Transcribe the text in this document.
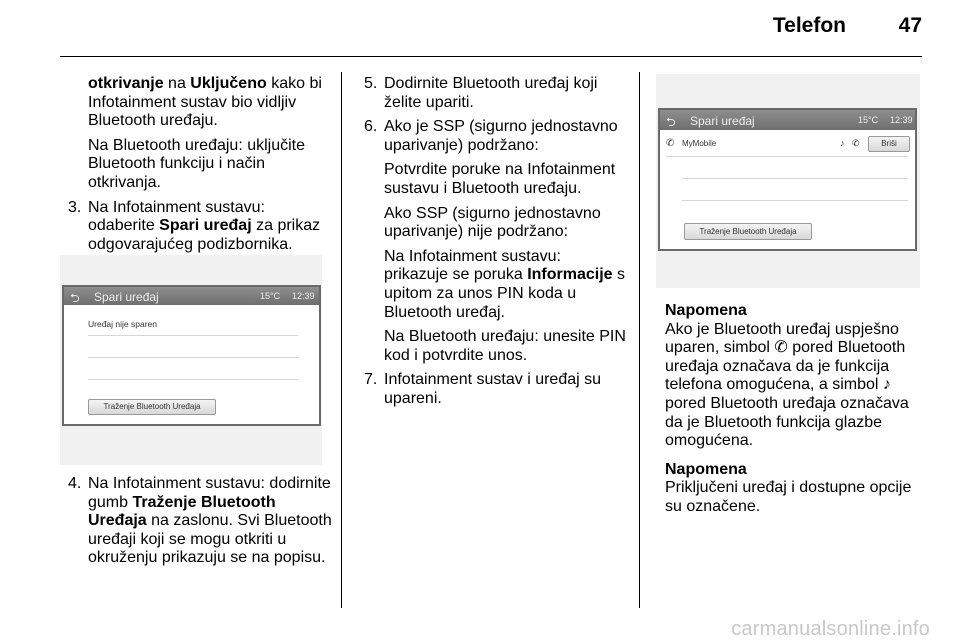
Telefon	47

otkrivanje na Uključeno kako bi Infotainment sustav bio vidljiv Bluetooth uređaju.

Na Bluetooth uređaju: uključite Bluetooth funkciju i način otkrivanja.

3. Na Infotainment sustavu: odaberite Spari uređaj za prikaz odgovarajućeg podizbornika.

⮌ Spari uređaj	15°C 12:39
Uređaj nije sparen
Traženje Bluetooth Uređaja

4. Na Infotainment sustavu: dodirnite gumb Traženje Bluetooth Uređaja na zaslonu. Svi Bluetooth uređaji koji se mogu otkriti u okruženju prikazuju se na popisu.

5. Dodirnite Bluetooth uređaj koji želite upariti.

6. Ako je SSP (sigurno jednostavno uparivanje) podržano:

Potvrdite poruke na Infotainment sustavu i Bluetooth uređaju.

Ako SSP (sigurno jednostavno uparivanje) nije podržano:

Na Infotainment sustavu: prikazuje se poruka Informacije s upitom za unos PIN koda u Bluetooth uređaj.

Na Bluetooth uređaju: unesite PIN kod i potvrdite unos.

7. Infotainment sustav i uređaj su upareni.

⮌ Spari uređaj	15°C 12:39
✆ MyMobile	♪ ✆	Briši
Traženje Bluetooth Uređaja

Napomena

Ako je Bluetooth uređaj uspješno uparen, simbol ✆ pored Bluetooth uređaja označava da je funkcija telefona omogućena, a simbol ♪ pored Bluetooth uređaja označava da je Bluetooth funkcija glazbe omogućena.

Napomena

Priključeni uređaj i dostupne opcije su označene.

carmanualsonline.info
